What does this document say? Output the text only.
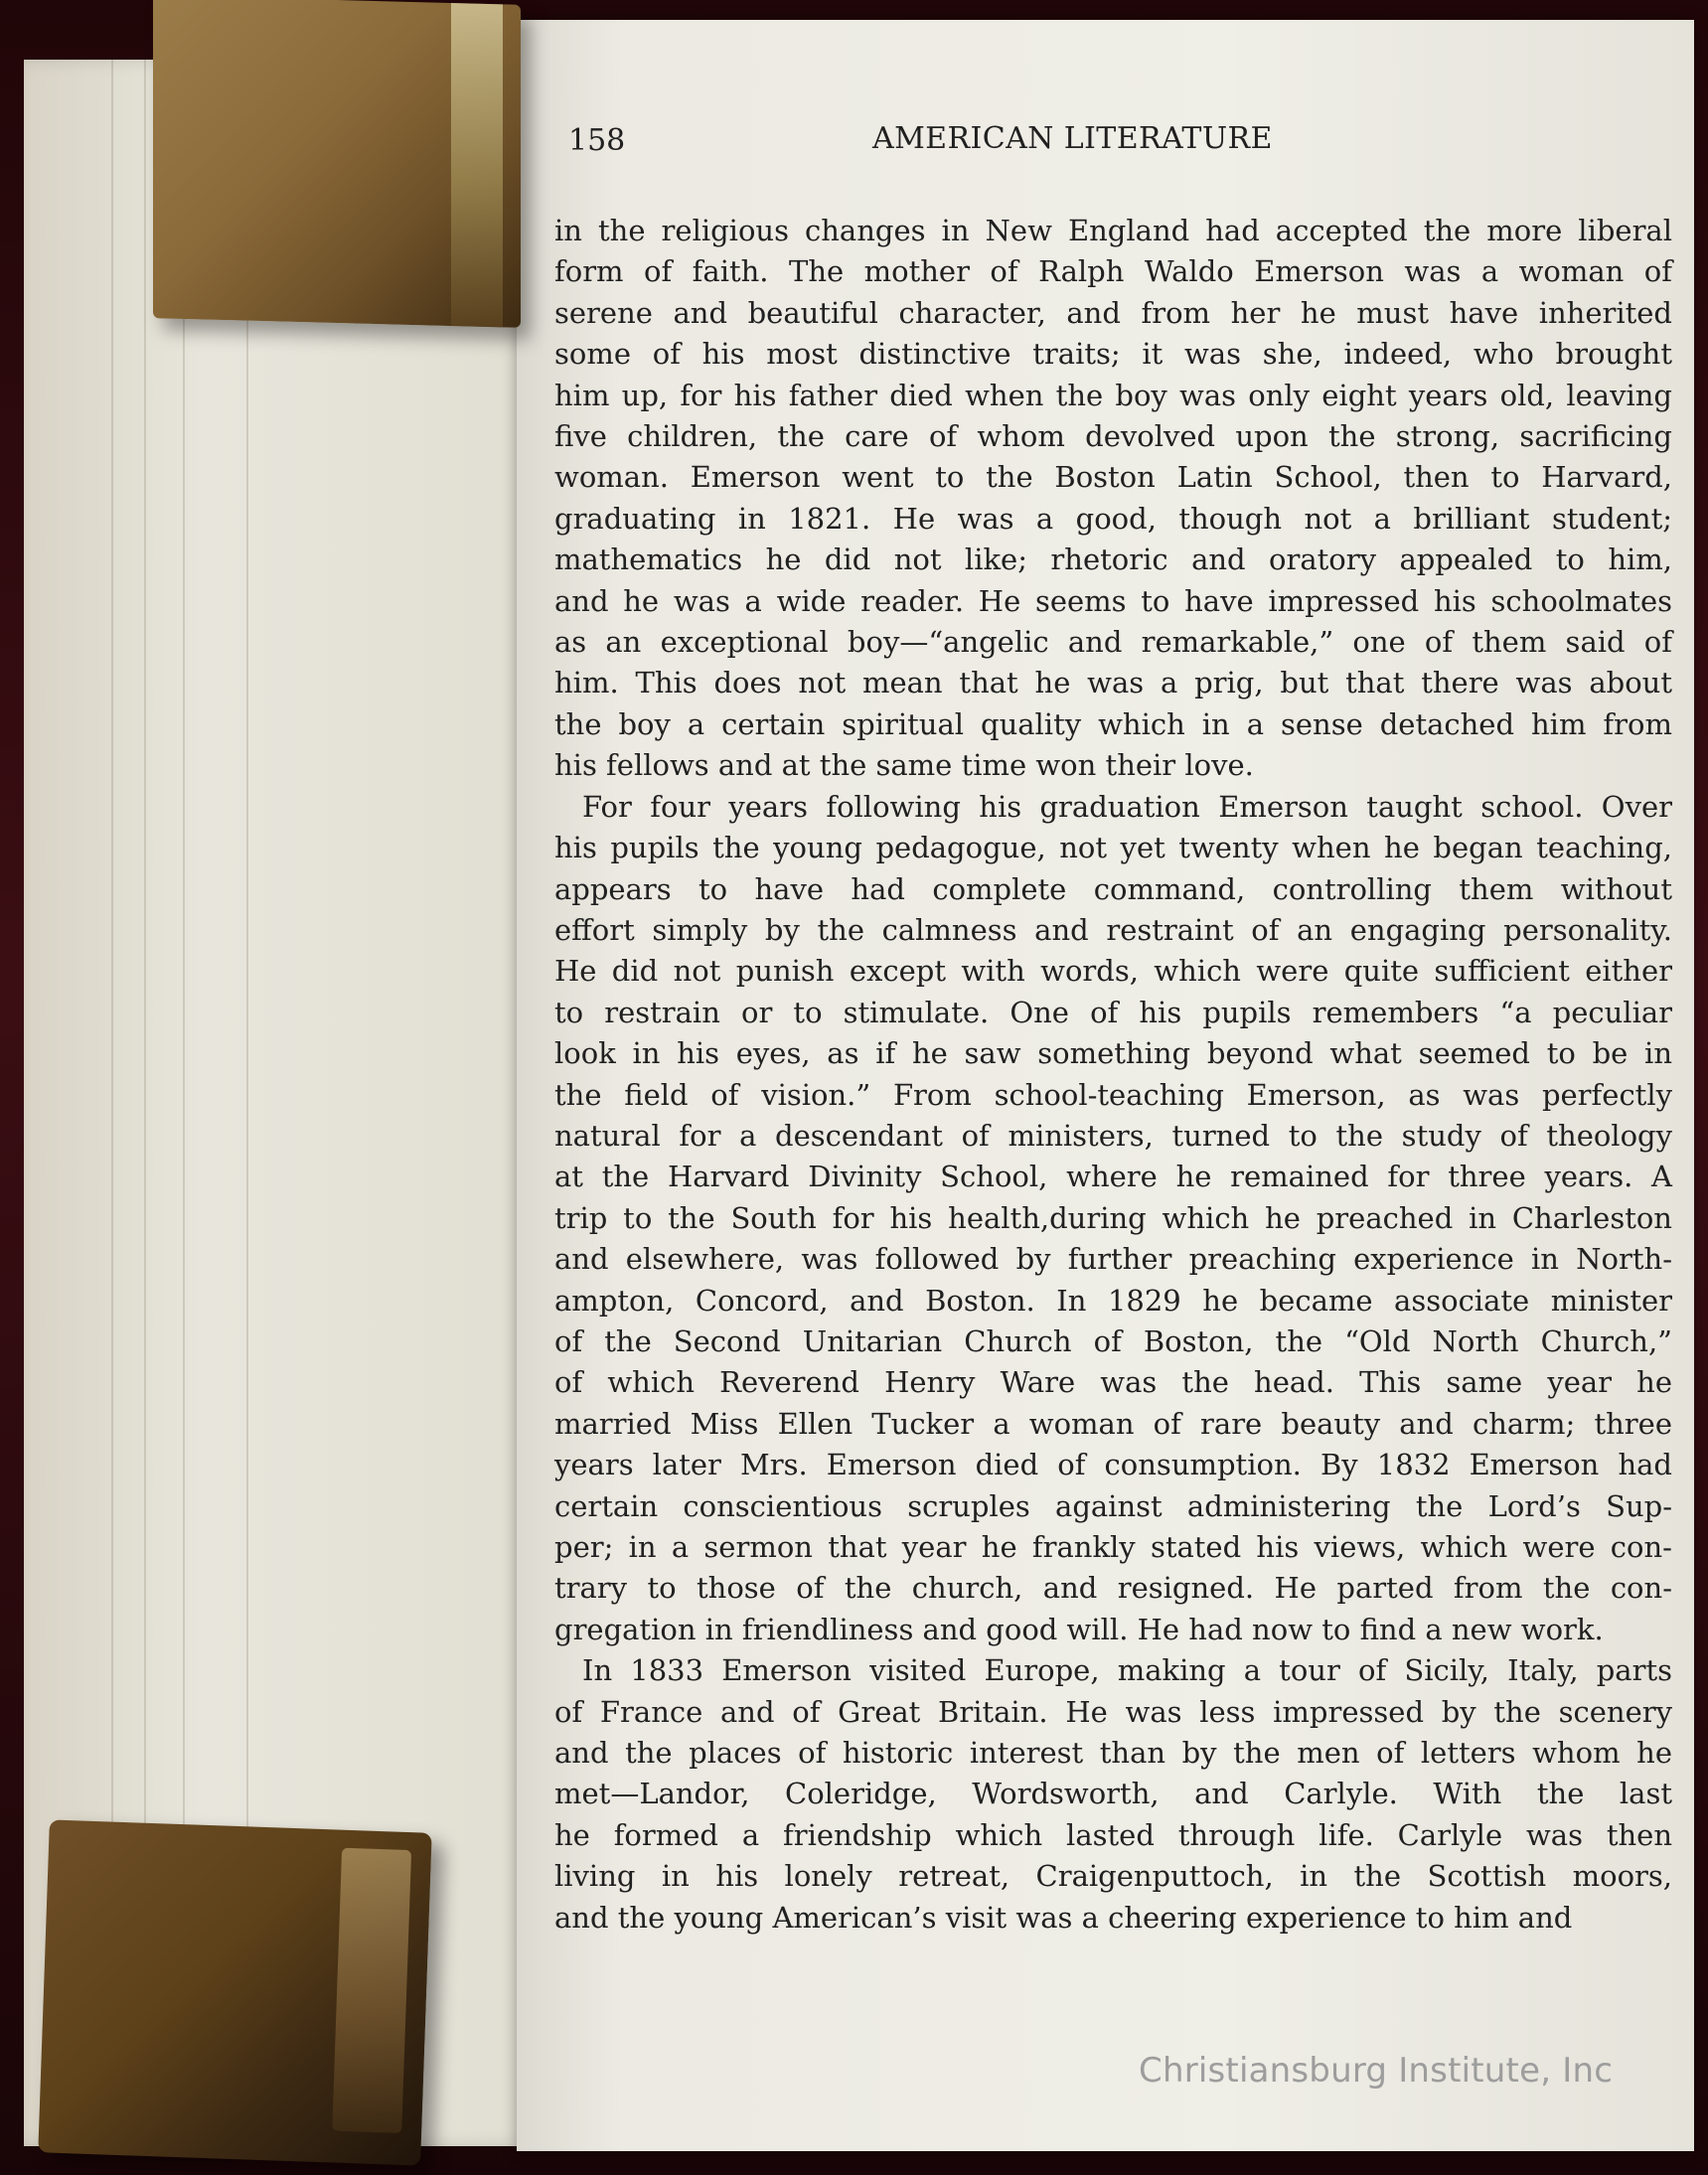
158	AMERICAN LITERATURE

in the religious changes in New England had accepted the more liberal
form of faith. The mother of Ralph Waldo Emerson was a woman of
serene and beautiful character, and from her he must have inherited
some of his most distinctive traits; it was she, indeed, who brought
him up, for his father died when the boy was only eight years old, leaving
five children, the care of whom devolved upon the strong, sacrificing
woman. Emerson went to the Boston Latin School, then to Harvard,
graduating in 1821. He was a good, though not a brilliant student;
mathematics he did not like; rhetoric and oratory appealed to him,
and he was a wide reader. He seems to have impressed his schoolmates
as an exceptional boy—“angelic and remarkable,” one of them said of
him. This does not mean that he was a prig, but that there was about
the boy a certain spiritual quality which in a sense detached him from
his fellows and at the same time won their love.

For four years following his graduation Emerson taught school. Over
his pupils the young pedagogue, not yet twenty when he began teaching,
appears to have had complete command, controlling them without
effort simply by the calmness and restraint of an engaging personality.
He did not punish except with words, which were quite sufficient either
to restrain or to stimulate. One of his pupils remembers “a peculiar
look in his eyes, as if he saw something beyond what seemed to be in
the field of vision.” From school-teaching Emerson, as was perfectly
natural for a descendant of ministers, turned to the study of theology
at the Harvard Divinity School, where he remained for three years. A
trip to the South for his health,during which he preached in Charleston
and elsewhere, was followed by further preaching experience in North-
ampton, Concord, and Boston. In 1829 he became associate minister
of the Second Unitarian Church of Boston, the “Old North Church,”
of which Reverend Henry Ware was the head. This same year he
married Miss Ellen Tucker a woman of rare beauty and charm; three
years later Mrs. Emerson died of consumption. By 1832 Emerson had
certain conscientious scruples against administering the Lord’s Sup-
per; in a sermon that year he frankly stated his views, which were con-
trary to those of the church, and resigned. He parted from the con-
gregation in friendliness and good will. He had now to find a new work.

In 1833 Emerson visited Europe, making a tour of Sicily, Italy, parts
of France and of Great Britain. He was less impressed by the scenery
and the places of historic interest than by the men of letters whom he
met—Landor, Coleridge, Wordsworth, and Carlyle. With the last
he formed a friendship which lasted through life. Carlyle was then
living in his lonely retreat, Craigenputtoch, in the Scottish moors,
and the young American’s visit was a cheering experience to him and

Christiansburg Institute, Inc
